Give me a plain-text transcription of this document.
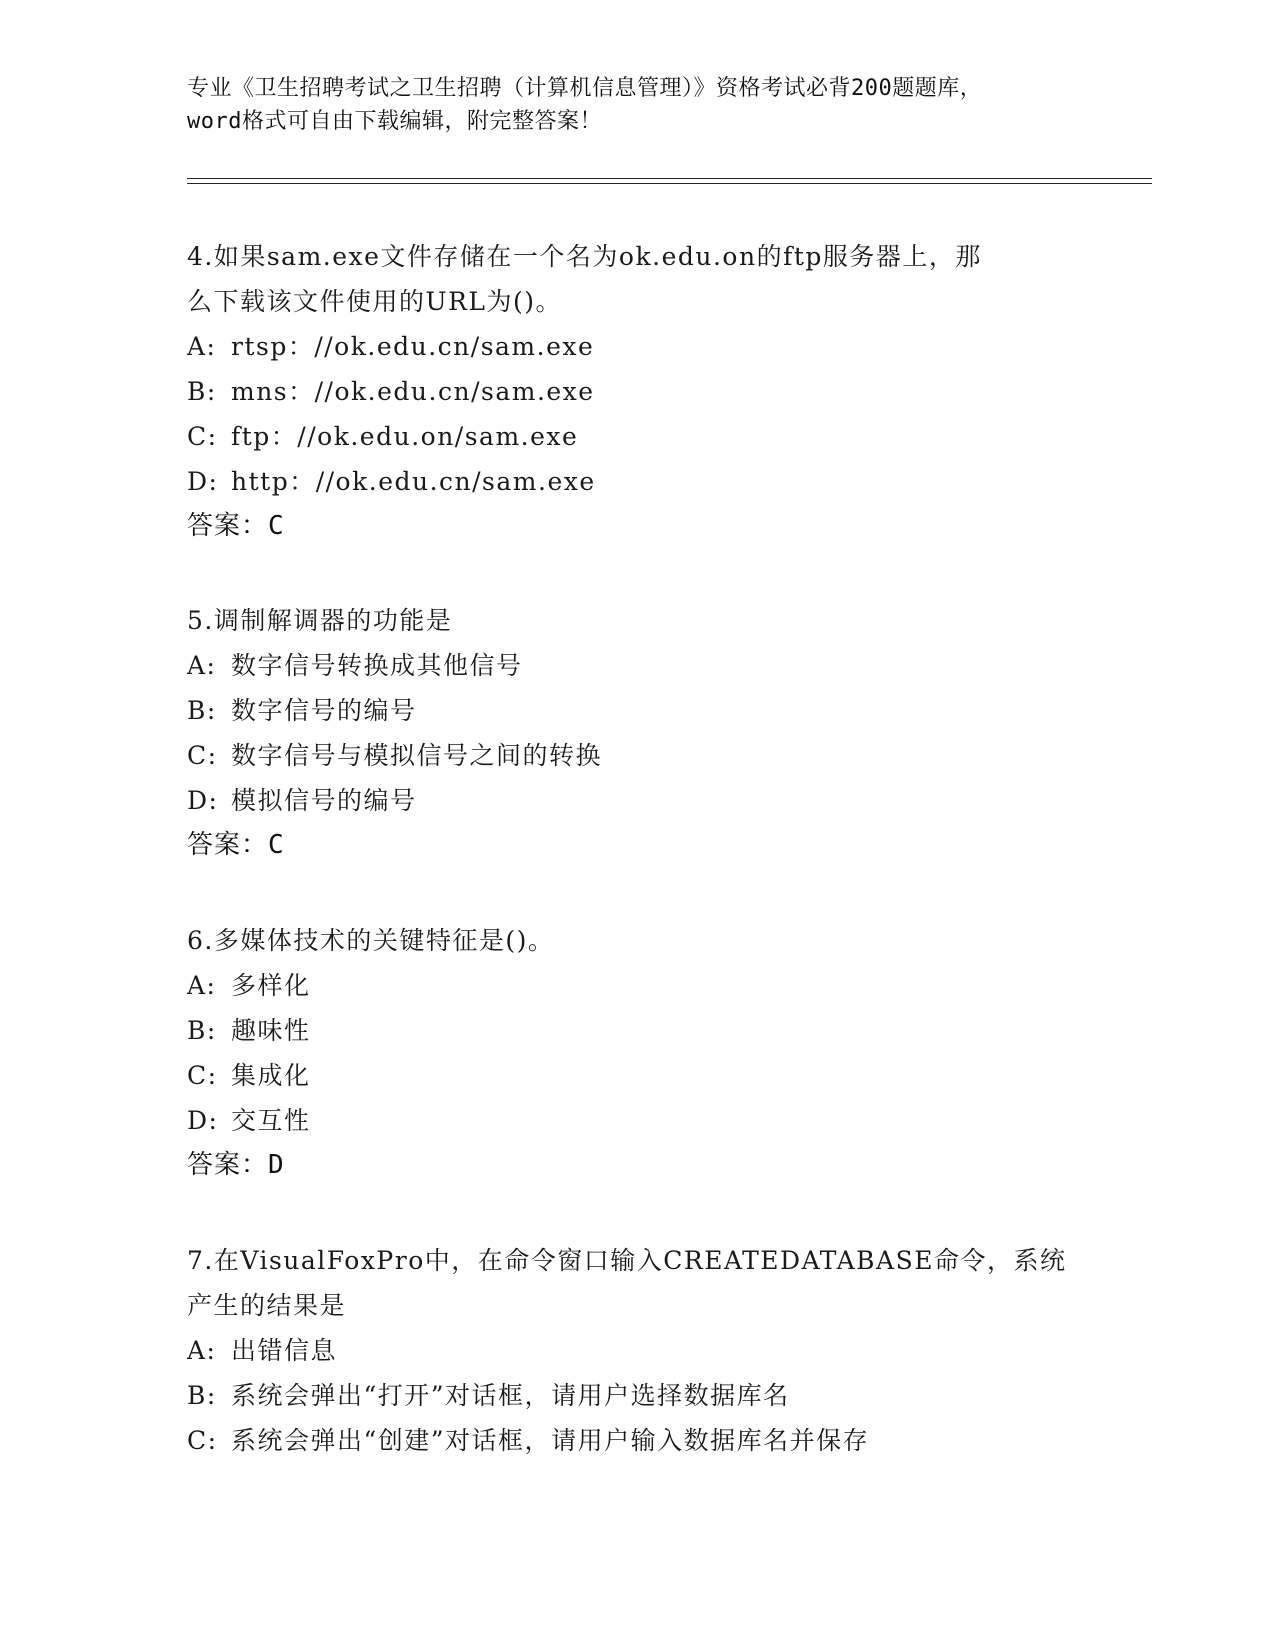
专业《卫生招聘考试之卫生招聘（计算机信息管理）》资格考试必背200题题库，
word格式可自由下载编辑，附完整答案！

4.如果sam.exe文件存储在一个名为ok.edu.on的ftp服务器上，那

么下载该文件使用的URL为()。

A: rtsp：//ok.edu.cn/sam.exe

B: mns：//ok.edu.cn/sam.exe

C: ftp：//ok.edu.on/sam.exe

D: http：//ok.edu.cn/sam.exe

答案：C

5.调制解调器的功能是

A: 数字信号转换成其他信号

B: 数字信号的编号

C: 数字信号与模拟信号之间的转换

D: 模拟信号的编号

答案：C

6.多媒体技术的关键特征是()。

A: 多样化

B: 趣味性

C: 集成化

D: 交互性

答案：D

7.在VisualFoxPro中，在命令窗口输入CREATEDATABASE命令，系统

产生的结果是

A: 出错信息

B: 系统会弹出“打开”对话框，请用户选择数据库名

C: 系统会弹出“创建”对话框，请用户输入数据库名并保存
